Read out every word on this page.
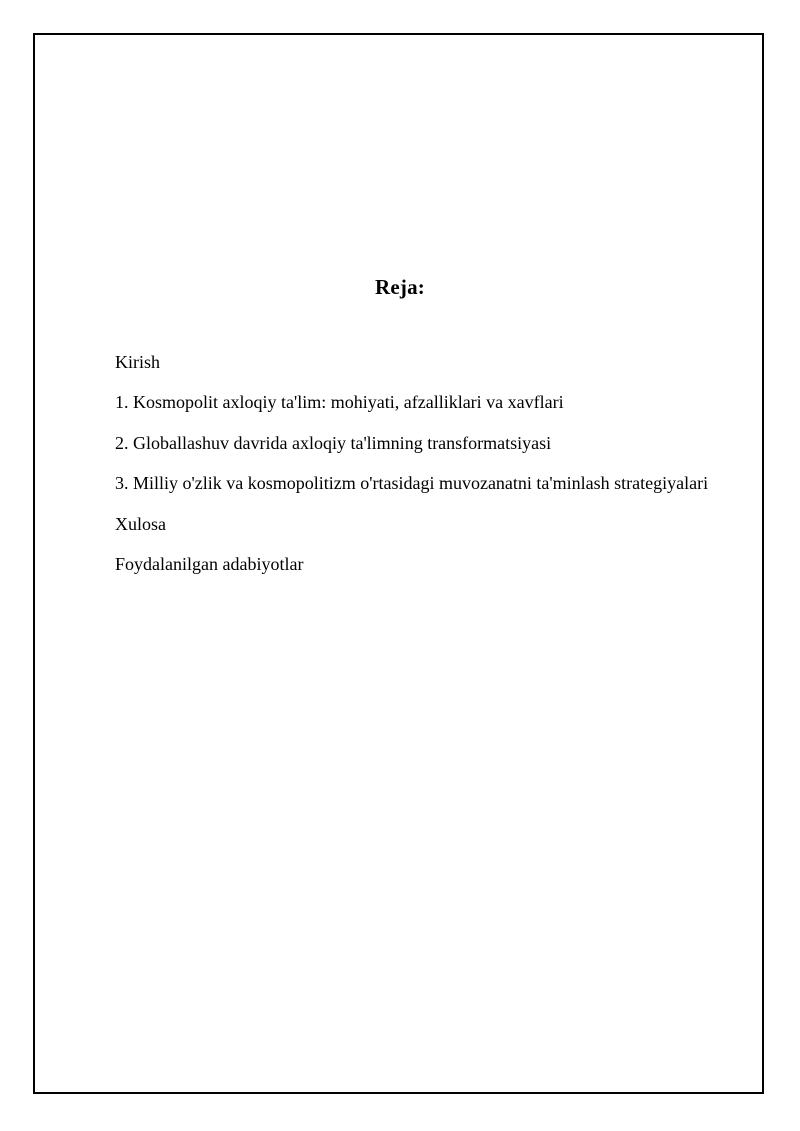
Reja:
Kirish
1. Kosmopolit axloqiy ta'lim: mohiyati, afzalliklari va xavflari
2. Globallashuv davrida axloqiy ta'limning transformatsiyasi
3. Milliy o'zlik va kosmopolitizm o'rtasidagi muvozanatni ta'minlash strategiyalari
Xulosa
Foydalanilgan adabiyotlar
